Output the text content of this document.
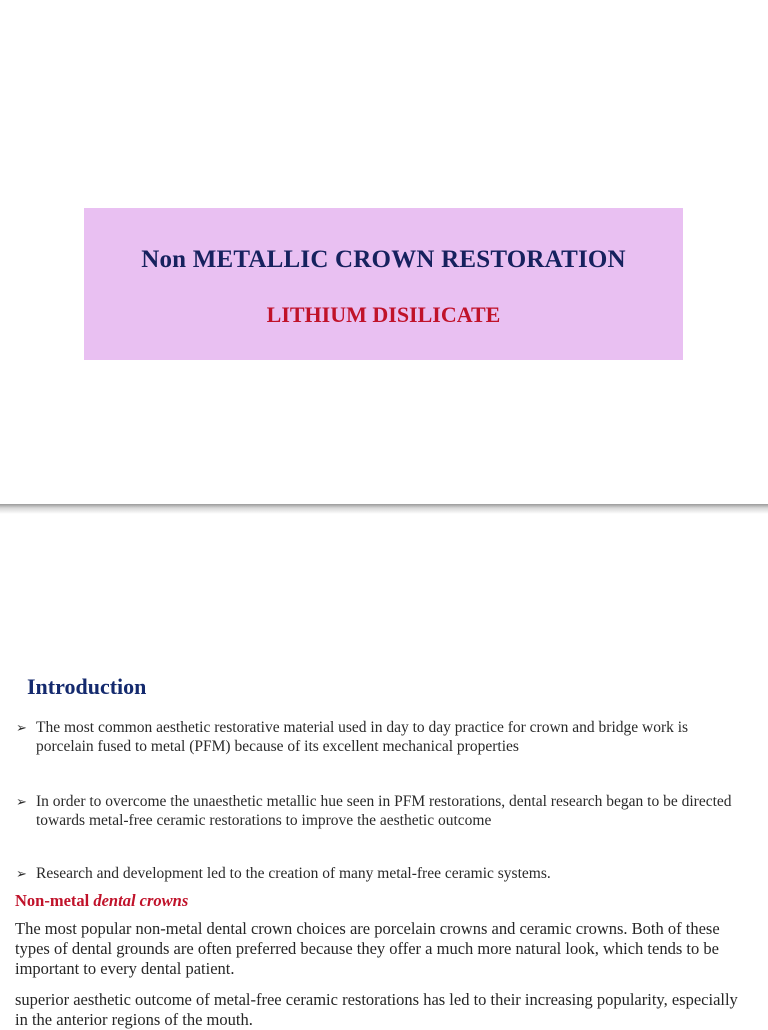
Non METALLIC CROWN RESTORATION
LITHIUM DISILICATE
Introduction
➢ The most common aesthetic restorative material used in day to day practice for crown and bridge work is porcelain fused to metal (PFM) because of its excellent mechanical properties
➢ In order to overcome the unaesthetic metallic hue seen in PFM restorations, dental research began to be directed towards metal-free ceramic restorations to improve the aesthetic outcome
➢ Research and development led to the creation of many metal-free ceramic systems.
Non-metal dental crowns
The most popular non-metal dental crown choices are porcelain crowns and ceramic crowns. Both of these types of dental grounds are often preferred because they offer a much more natural look, which tends to be important to every dental patient.
superior aesthetic outcome of metal-free ceramic restorations has led to their increasing popularity, especially in the anterior regions of the mouth.
